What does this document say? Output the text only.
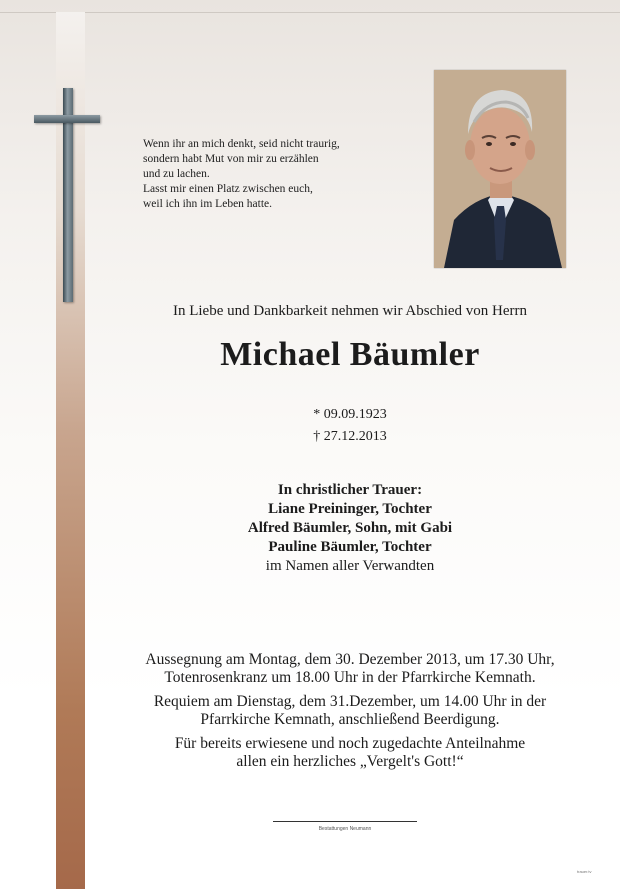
Wenn ihr an mich denkt, seid nicht traurig,
sondern habt Mut von mir zu erzählen
und zu lachen.
Lasst mir einen Platz zwischen euch,
weil ich ihn im Leben hatte.
In Liebe und Dankbarkeit nehmen wir Abschied von Herrn
Michael Bäumler
* 09.09.1923
† 27.12.2013
In christlicher Trauer:
Liane Preininger, Tochter
Alfred Bäumler, Sohn, mit Gabi
Pauline Bäumler, Tochter
im Namen aller Verwandten
Aussegnung am Montag, dem 30. Dezember 2013, um 17.30 Uhr,
Totenrosenkranz um 18.00 Uhr in der Pfarrkirche Kemnath.
Requiem am Dienstag, dem 31.Dezember, um 14.00 Uhr in der
Pfarrkirche Kemnath, anschließend Beerdigung.
Für bereits erwiesene und noch zugedachte Anteilnahme
allen ein herzliches „Vergelt's Gott!“
Bestattungen Neumann
trauer.tv
